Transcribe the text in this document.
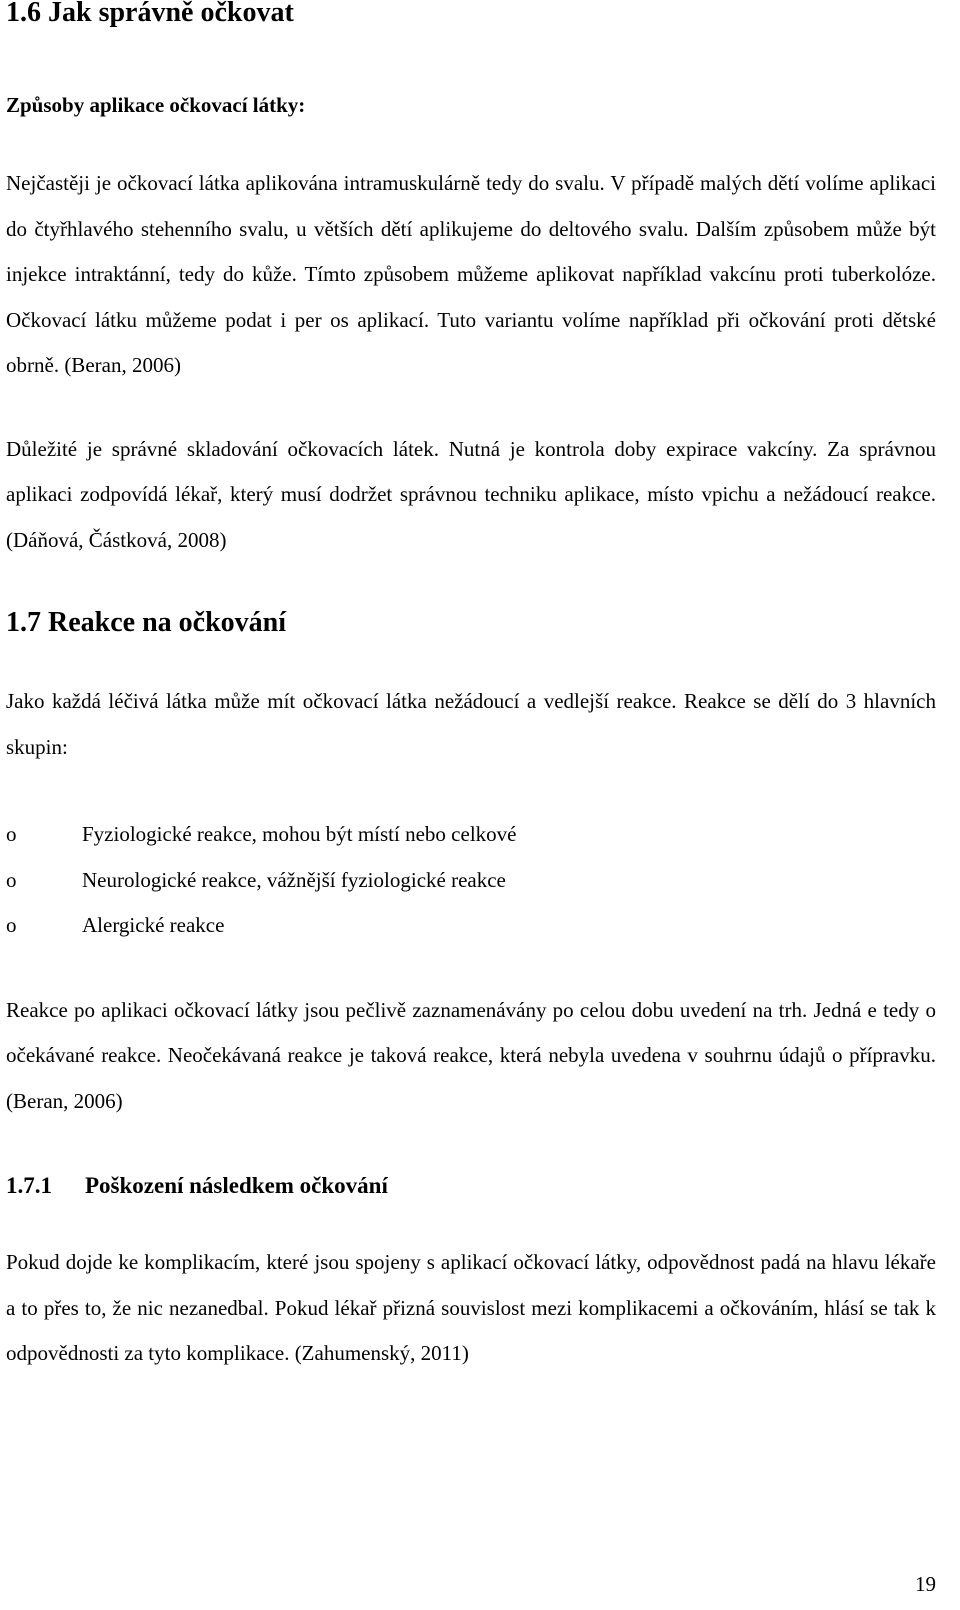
1.6 Jak správně očkovat
Způsoby aplikace očkovací látky:

Nejčastěji je očkovací látka aplikována intramuskulárně tedy do svalu. V případě malých dětí volíme aplikaci do čtyřhlavého stehenního svalu, u větších dětí aplikujeme do deltového svalu. Dalším způsobem může být injekce intraktánní, tedy do kůže. Tímto způsobem můžeme aplikovat například vakcínu proti tuberkolóze. Očkovací látku můžeme podat i per os aplikací. Tuto variantu volíme například při očkování proti dětské obrně. (Beran, 2006)

Důležité je správné skladování očkovacích látek. Nutná je kontrola doby expirace vakcíny. Za správnou aplikaci zodpovídá lékař, který musí dodržet správnou techniku aplikace, místo vpichu a nežádoucí reakce.(Dáňová, Částková, 2008)

1.7 Reakce na očkování

Jako každá léčivá látka může mít očkovací látka nežádoucí a vedlejší reakce. Reakce se dělí do 3 hlavních skupin:

o	Fyziologické reakce, mohou být místí nebo celkové
o	Neurologické reakce, vážnější fyziologické reakce
o	Alergické reakce

Reakce po aplikaci očkovací látky jsou pečlivě zaznamenávány po celou dobu uvedení na trh. Jedná e tedy o očekávané reakce. Neočekávaná reakce je taková reakce, která nebyla uvedena v souhrnu údajů o přípravku. (Beran, 2006)

1.7.1	Poškození následkem očkování

Pokud dojde ke komplikacím, které jsou spojeny s aplikací očkovací látky, odpovědnost padá na hlavu lékaře a to přes to, že nic nezanedbal. Pokud lékař přizná souvislost mezi komplikacemi a očkováním, hlásí se tak k odpovědnosti za tyto komplikace. (Zahumenský, 2011)

19
